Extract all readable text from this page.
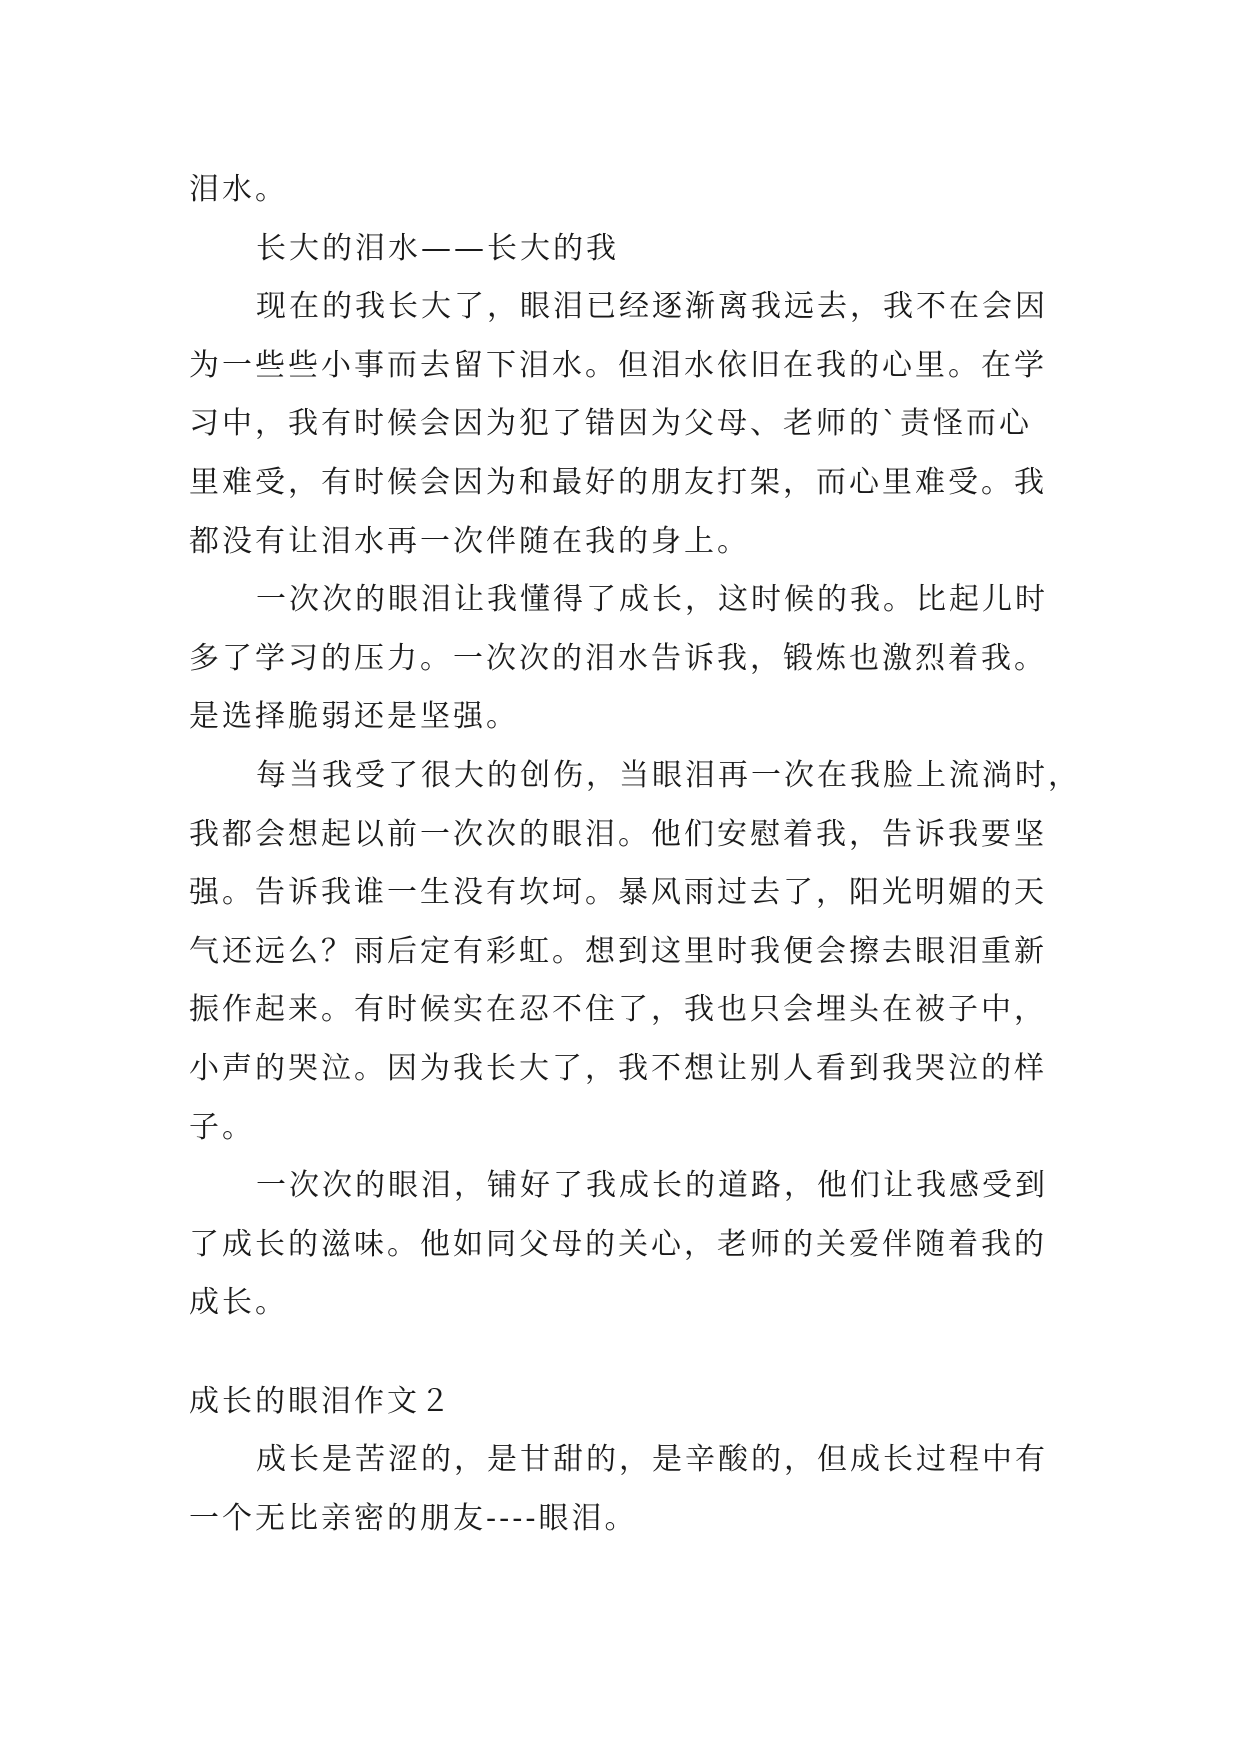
泪水。

长大的泪水——长大的我

现在的我长大了，眼泪已经逐渐离我远去，我不在会因

为一些些小事而去留下泪水。但泪水依旧在我的心里。在学

习中，我有时候会因为犯了错因为父母、老师的`责怪而心

里难受，有时候会因为和最好的朋友打架，而心里难受。我

都没有让泪水再一次伴随在我的身上。

一次次的眼泪让我懂得了成长，这时候的我。比起儿时

多了学习的压力。一次次的泪水告诉我，锻炼也激烈着我。

是选择脆弱还是坚强。

每当我受了很大的创伤，当眼泪再一次在我脸上流淌时，

我都会想起以前一次次的眼泪。他们安慰着我，告诉我要坚

强。告诉我谁一生没有坎坷。暴风雨过去了，阳光明媚的天

气还远么？雨后定有彩虹。想到这里时我便会擦去眼泪重新

振作起来。有时候实在忍不住了，我也只会埋头在被子中，

小声的哭泣。因为我长大了，我不想让别人看到我哭泣的样

子。

一次次的眼泪，铺好了我成长的道路，他们让我感受到

了成长的滋味。他如同父母的关心，老师的关爱伴随着我的

成长。

成长的眼泪作文２

成长是苦涩的，是甘甜的，是辛酸的，但成长过程中有

一个无比亲密的朋友----眼泪。
